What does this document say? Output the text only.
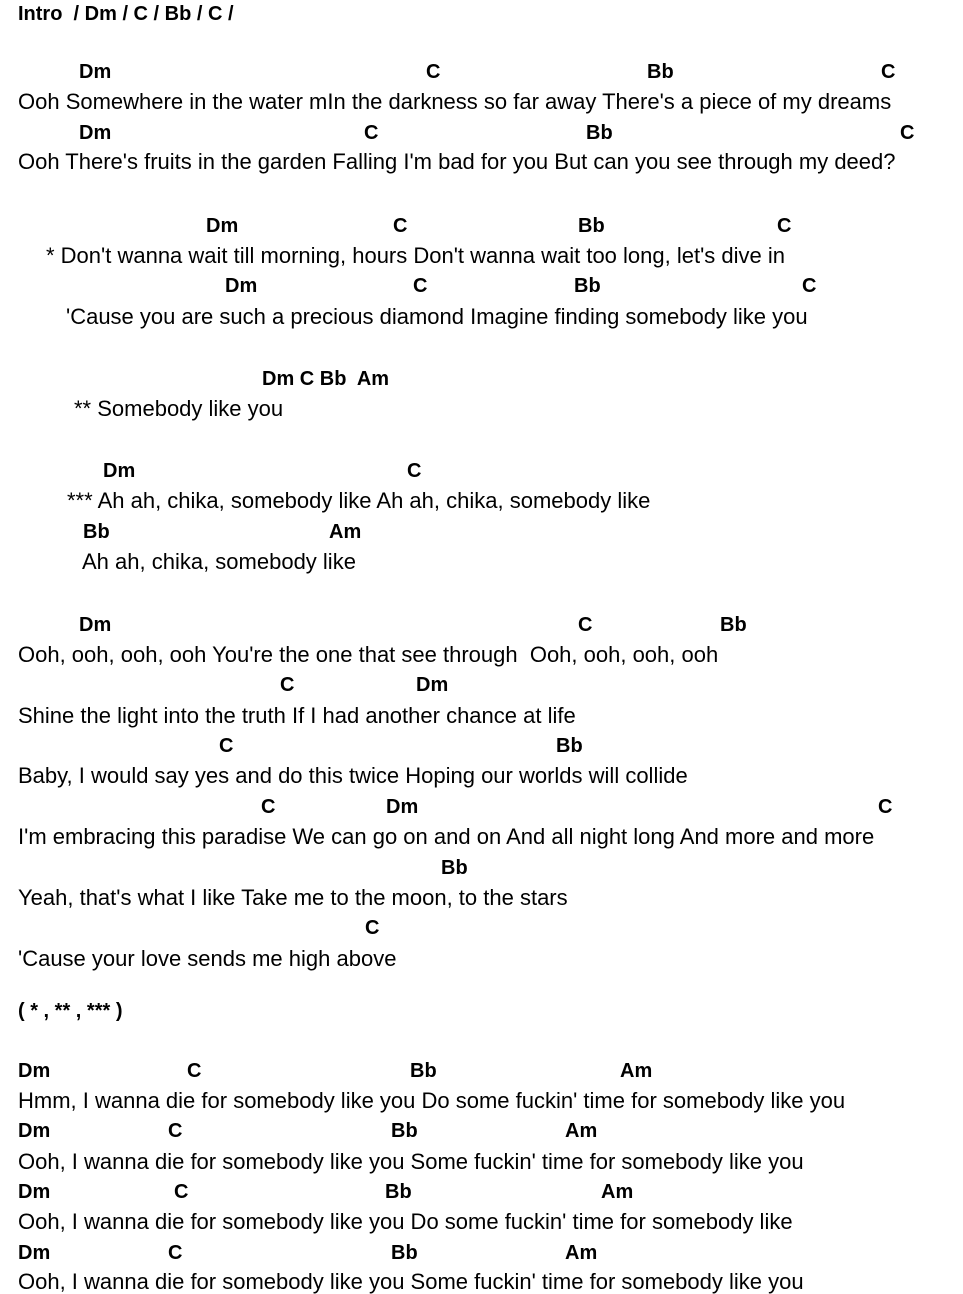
Intro  / Dm / C / Bb / C /
Dm	C	Bb	C
Ooh Somewhere in the water mIn the darkness so far away There's a piece of my dreams
Dm	C	Bb	C
Ooh There's fruits in the garden Falling I'm bad for you But can you see through my deed?
Dm	C	Bb	C
* Don't wanna wait till morning, hours Don't wanna wait too long, let's dive in
Dm	C	Bb	C
'Cause you are such a precious diamond Imagine finding somebody like you
Dm C Bb  Am
** Somebody like you
Dm	C
*** Ah ah, chika, somebody like Ah ah, chika, somebody like
Bb	Am
Ah ah, chika, somebody like
Dm	C	Bb
Ooh, ooh, ooh, ooh You're the one that see through  Ooh, ooh, ooh, ooh
C	Dm
Shine the light into the truth If I had another chance at life
C	Bb
Baby, I would say yes and do this twice Hoping our worlds will collide
C	Dm	C
I'm embracing this paradise We can go on and on And all night long And more and more
Bb
Yeah, that's what I like Take me to the moon, to the stars
C
'Cause your love sends me high above
( * , ** , *** )
Dm	C	Bb	Am
Hmm, I wanna die for somebody like you Do some fuckin' time for somebody like you
Dm	C	Bb	Am
Ooh, I wanna die for somebody like you Some fuckin' time for somebody like you
Dm	C	Bb	Am
Ooh, I wanna die for somebody like you Do some fuckin' time for somebody like
Dm	C	Bb	Am
Ooh, I wanna die for somebody like you Some fuckin' time for somebody like you
